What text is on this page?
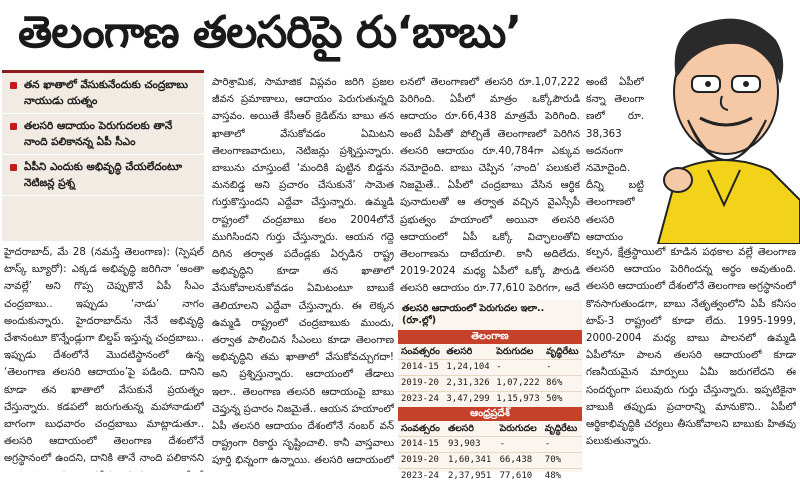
తెలంగాణ తలసరిపై రు‘బాబు’
తన ఖాతాలో వేసుకునేందుకు చంద్రబాబు నాయుడు యత్నం
తలసరి ఆదాయం పెరుగుదలకు తానే నాంది పలికానన్న ఏపీ సీఎం
ఏపీని ఎందుకు అభివృద్ధి చేయలేదంటూ నెటిజన్ల ప్రశ్న

హైదరాబాద్, మే 28 (నమస్తే తెలంగాణ): (స్పెషల్ టాస్క్ బ్యూరో): ఎక్కడ అభివృద్ధి జరిగినా ‘అంతా నావల్లే’ అని గొప్ప చెప్పుకొనే ఏపీ సీఎం చంద్రబాబు.. ఇప్పుడు ‘నాడు’ నాగం అందుకున్నారు. హైదరాబాద్‌ను నేనే అభివృద్ధి చేశానంటూ కొన్నేండ్లుగా బిల్డప్ ఇస్తున్న చంద్రబాబు.. ఇప్పుడు దేశంలోనే మొదటిస్థానంలో ఉన్న ‘తెలంగాణ తలసరి ఆదాయం’పై పడింది. దానిని కూడా తన ఖాతాలో వేసుకునే ప్రయత్నం చేస్తున్నారు. కడపలో జరుగుతున్న మహానాడులో బాగంగా బుధవారం చంద్రబాబు మాట్లాడుతూ.. తలసరి ఆదాయంలో తెలంగాణ దేశంలోనే అగ్రస్థానంలో ఉందని, దానికి తానే నాంది పలికానని

పారిశ్రామిక, సామాజిక విప్లవం జరిగి ప్రజల జీవన ప్రమాణాలు, ఆదాయం పెరుగుతున్నది వాస్తవం. అయితే కేసీఆర్ క్రెడిట్‌ను బాబు తన ఖాతాలో వేసుకోవడం ఏమిటని తెలంగాణవాదులు, నెటిజన్లు ప్రశ్నిస్తున్నారు. బాబును చూస్తుంటే ‘మందికి పుట్టిన బిడ్డను మనబిడ్డ అని ప్రచారం చేసుకునే’ సామెత గుర్తుకొస్తుందని ఎద్దేవా చేస్తున్నారు. ఉమ్మడి రాష్ట్రంలో చంద్రబాబు కలం 2004లోనే ముగిసిందని గుర్తు చేస్తున్నారు. ఆయన గద్దె దిగిన తర్వాత పదేండ్లకు ఏర్పడిన రాష్ట్ర అభివృద్ధిని కూడా తన ఖాతాలో వేసుకోవాలనుకోవడం ఏమిటంటూ బాబుకే తెలియాలని ఎద్దేవా చేస్తున్నారు. ఈ లెక్కన ఉమ్మడి రాష్ట్రంలో చంద్రబాబుకు ముందు, తర్వాత పాలించిన సీఎంలు కూడా తెలంగాణ అభివృద్ధిని తమ ఖాతాలో వేసుకోవచ్చుగదా! అని ప్రశ్నిస్తున్నారు. ఆదాయంలో తేడాలు ఇలా.. తెలంగాణ తలసరి ఆదాయంపై బాబు చెప్తున్న ప్రచారం నిజమైతే.. ఆయన హయాంలో ఏపీ తలసరి ఆదాయం దేశంలోనే నంబర్ వన్ రాష్ట్రంగా రికార్డు సృష్టించాలి. కానీ వాస్తవాలు పూర్తి భిన్నంగా ఉన్నాయి. తలసరి ఆదాయంలో

లనలో తెలంగాణలో తలసరి రూ.1,07,222 పెరిగింది. ఏపీలో మాత్రం ఒక్కోపౌరుడి ఆదాయం రూ.66,438 మాత్రమే పెరిగింది. అంటే ఏపీతో పోల్చితే తెలంగాణలో పెరిగిన తలసరి ఆదాయం రూ.40,784గా ఎక్కువ నమోదైంది. బాబు చెప్పిన ‘నాంది’ పలుకులే నిజమైతే.. ఏపీలో చంద్రబాబు వేసిన ఆర్థిక పునాదులతో ఆ తర్వాత వచ్చిన వైఎస్సీపీ ప్రభుత్వం హయాంలో అయినా తలసరి ఆదాయంలో ఏపీ ఒక్కో విచ్ఛాలంతోచి తెలంగాణను దాటేయాలి. కానీ అదిలేదు. 2019-2024 మధ్య ఏపీలో ఒక్కో పౌరుడి తలసరి ఆదాయం రూ.77,610 పెరిగగా, అదే

అంటే ఏపీలో కన్నా తెలంగా ణలో రూ. 38,363 అదనంగా నమోదైంది. దీన్ని బట్టి తెలంగాణలో తలసరి ఆదాయం

కల్పన, క్షేత్రస్థాయిలో కూడిన పథకాల వల్లే తెలంగాణ తలసరి ఆదాయం పెరిగిందన్న అర్థం అవుతుంది. తలసరి ఆదాయంలో దేశంలోనే తెలంగాణ అగ్రస్థానంలో కొనసాగుతుండగా, బాబు నేతృత్వంలోని ఏపీ కనీసం టాప్-3 రాష్ట్రంలో కూడా లేదు. 1995-1999, 2000-2004 మధ్య బాబు పాలనలో ఉమ్మడి ఏపీలోనూ పాలన తలసరి ఆదాయంలో కూడా గణనీయమైన మార్పులు ఏమీ జరుగలేదని ఈ సందర్భంగా పలువురు గుర్తు చేస్తున్నారు. ఇప్పటికైనా బాబుకి తప్పుడు ప్రచారాన్ని మానుకొని.. ఏపీలో ఆర్థికాభివృద్ధికి చర్యలు తీసుకోవాలని బాబుకు హితవు పలుకుతున్నారు.

తలసరి ఆదాయంలో పెరుగుదల ఇలా..(రూ.ల్లో)
తెలంగాణ
సంవత్సరం	తలసరి	పెరుగుదల	వృద్ధిరేటు
2014-15	1,24,104	-	-
2019-20	2,31,326	1,07,222	86%
2023-24	3,47,299	1,15,973	50%
ఆంధ్రప్రదేశ్
సంవత్సరం	తలసరి	పెరుగుదల	వృద్ధిరేటు
2014-15	93,903	-	-
2019-20	1,60,341	66,438	70%
2023-24	2,37,951	77,610	48%
